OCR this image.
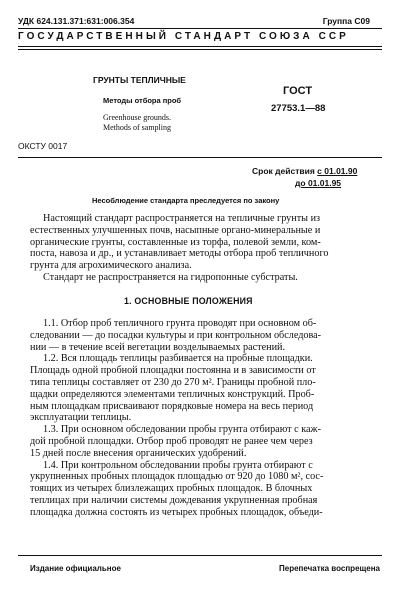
УДК 624.131.371:631:006.354	Группа С09
ГОСУДАРСТВЕННЫЙ СТАНДАРТ СОЮЗА ССР
ГРУНТЫ ТЕПЛИЧНЫЕ
Методы отбора проб
Greenhouse grounds.
Methods of sampling
ГОСТ
27753.1—88
ОКСТУ 0017
Срок действия с 01.01.90
до 01.01.95
Несоблюдение стандарта преследуется по закону
Настоящий стандарт распространяется на тепличные грунты из
естественных улучшенных почв, насыпные органо-минеральные и
органические грунты, составленные из торфа, полевой земли, ком-
поста, навоза и др., и устанавливает методы отбора проб тепличного
грунта для агрохимического анализа.
Стандарт не распространяется на гидропонные субстраты.
1. ОСНОВНЫЕ ПОЛОЖЕНИЯ
1.1. Отбор проб тепличного грунта проводят при основном об-
следовании — до посадки культуры и при контрольном обследова-
нии — в течение всей вегетации возделываемых растений.
1.2. Вся площадь теплицы разбивается на пробные площадки.
Площадь одной пробной площадки постоянна и в зависимости от
типа теплицы составляет от 230 до 270 м². Границы пробной пло-
щадки определяются элементами тепличных конструкций. Проб-
ным площадкам присваивают порядковые номера на весь период
эксплуатации теплицы.
1.3. При основном обследовании пробы грунта отбирают с каж-
дой пробной площадки. Отбор проб проводят не ранее чем через
15 дней после внесения органических удобрений.
1.4. При контрольном обследовании пробы грунта отбирают с
укрупненных пробных площадок площадью от 920 до 1080 м², сос-
тоящих из четырех близлежащих пробных площадок. В блочных
теплицах при наличии системы дождевания укрупненная пробная
площадка должна состоять из четырех пробных площадок, объеди-
Издание официальное	Перепечатка воспрещена
